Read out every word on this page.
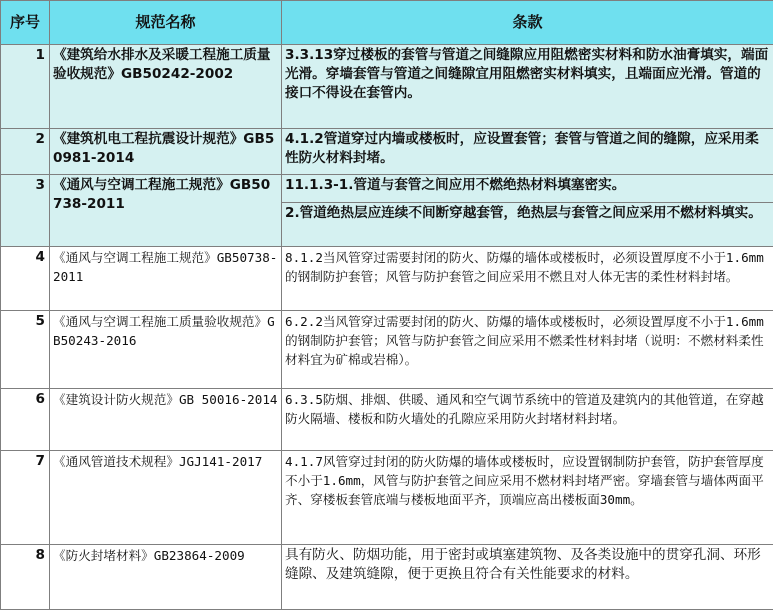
序号	规范名称	条款
1	《建筑给水排水及采暖工程施工质量验收规范》GB50242-2002	3.3.13穿过楼板的套管与管道之间缝隙应用阻燃密实材料和防水油膏填实，端面光滑。穿墙套管与管道之间缝隙宜用阻燃密实材料填实，且端面应光滑。管道的接口不得设在套管内。
2	《建筑机电工程抗震设计规范》GB50981-2014	4.1.2管道穿过内墙或楼板时，应设置套管；套管与管道之间的缝隙，应采用柔性防火材料封堵。
3	《通风与空调工程施工规范》GB50738-2011	11.1.3-1.管道与套管之间应用不燃绝热材料填塞密实。
		2.管道绝热层应连续不间断穿越套管，绝热层与套管之间应采用不燃材料填实。
4	《通风与空调工程施工规范》GB50738-2011	8.1.2当风管穿过需要封闭的防火、防爆的墙体或楼板时，必须设置厚度不小于1.6mm的钢制防护套管；风管与防护套管之间应采用不燃且对人体无害的柔性材料封堵。
5	《通风与空调工程施工质量验收规范》GB50243-2016	6.2.2当风管穿过需要封闭的防火、防爆的墙体或楼板时，必须设置厚度不小于1.6mm的钢制防护套管；风管与防护套管之间应采用不燃柔性材料封堵（说明：不燃材料柔性材料宜为矿棉或岩棉）。
6	《建筑设计防火规范》GB 50016-2014	6.3.5防烟、排烟、供暖、通风和空气调节系统中的管道及建筑内的其他管道，在穿越防火隔墙、楼板和防火墙处的孔隙应采用防火封堵材料封堵。
7	《通风管道技术规程》JGJ141-2017	4.1.7风管穿过封闭的防火防爆的墙体或楼板时，应设置钢制防护套管，防护套管厚度不小于1.6mm，风管与防护套管之间应采用不燃材料封堵严密。穿墙套管与墙体两面平齐、穿楼板套管底端与楼板地面平齐，顶端应高出楼板面30mm。
8	《防火封堵材料》GB23864-2009	具有防火、防烟功能，用于密封或填塞建筑物、及各类设施中的贯穿孔洞、环形缝隙、及建筑缝隙，便于更换且符合有关性能要求的材料。
